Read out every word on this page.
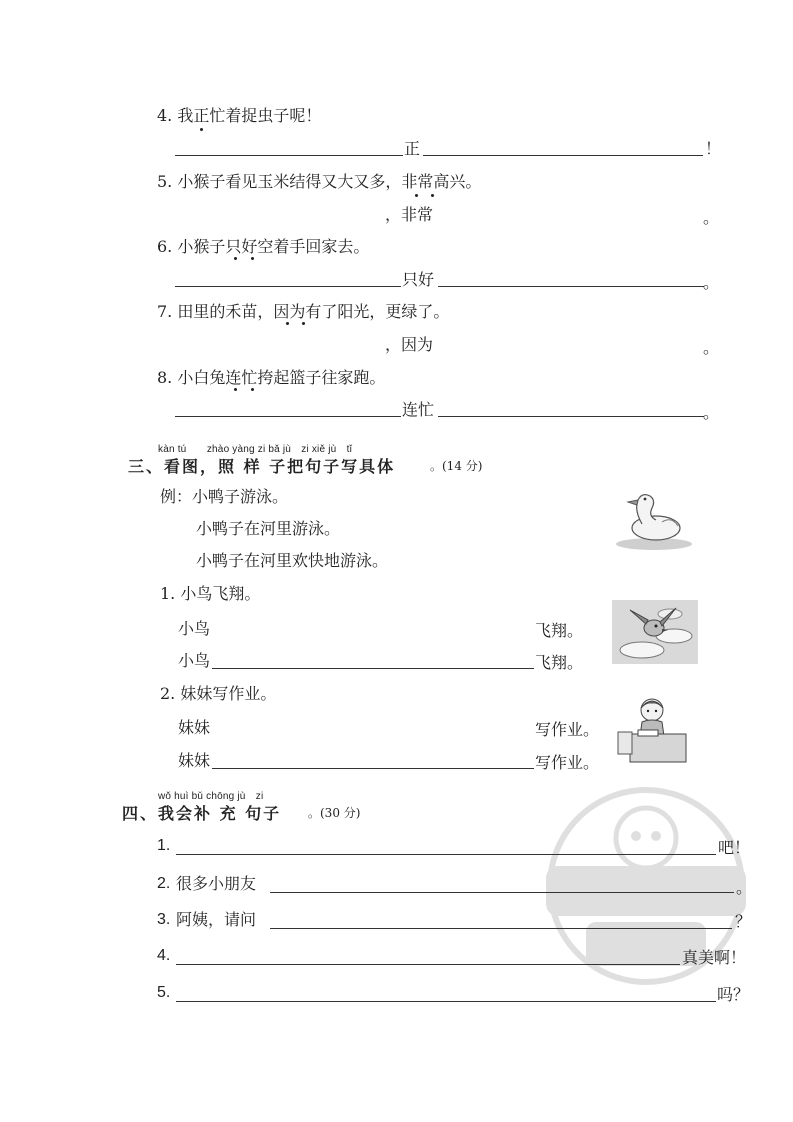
4. 我正忙着捉虫子呢！
正	！
5. 小猴子看见玉米结得又大又多，非常高兴。
，非常	。
6. 小猴子只好空着手回家去。
只好	。
7. 田里的禾苗，因为有了阳光，更绿了。
，因为	。
8. 小白兔连忙挎起篮子往家跑。
连忙	。
kàn tú　　zhào yàng zi bǎ jù　zi xiě jù　tǐ
三、看图，照 样 子把句子写具体	。(14 分)
例：小鸭子游泳。
小鸭子在河里游泳。
小鸭子在河里欢快地游泳。
1. 小鸟飞翔。
小鸟	飞翔。
小鸟	飞翔。
2. 妹妹写作业。
妹妹	写作业。
妹妹	写作业。
wǒ huì bǔ chōng jù　zi
四、我会补 充 句子 。(30 分)
1.	吧！
2. 很多小朋友	。
3. 阿姨，请问	？
4.	真美啊！
5.	吗？
